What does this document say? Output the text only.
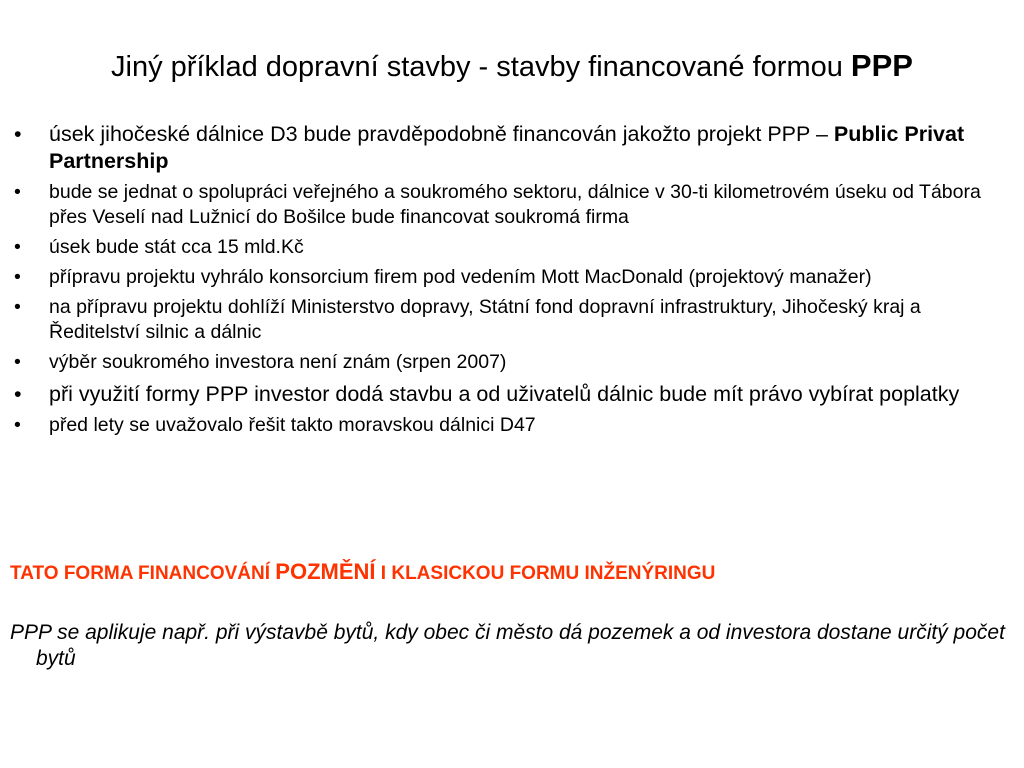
Jiný příklad dopravní stavby - stavby financované formou PPP
• úsek jihočeské dálnice D3 bude pravděpodobně financován jakožto projekt PPP – Public Privat Partnership
• bude se jednat o spolupráci veřejného a soukromého sektoru, dálnice v 30-ti kilometrovém úseku od Tábora přes Veselí nad Lužnicí do Bošilce bude financovat soukromá firma
• úsek bude stát cca 15 mld.Kč
• přípravu projektu vyhrálo konsorcium firem pod vedením Mott MacDonald (projektový manažer)
• na přípravu projektu dohlíží Ministerstvo dopravy, Státní fond dopravní infrastruktury, Jihočeský kraj a Ředitelství silnic a dálnic
• výběr soukromého investora není znám (srpen 2007)
• při využití formy PPP investor dodá stavbu a od uživatelů dálnic bude mít právo vybírat poplatky
• před lety se uvažovalo řešit takto moravskou dálnici D47
TATO FORMA FINANCOVÁNÍ POZMĚNÍ I KLASICKOU FORMU INŽENÝRINGU
PPP se aplikuje např. při výstavbě bytů, kdy obec či město dá pozemek a od investora dostane určitý počet bytů
